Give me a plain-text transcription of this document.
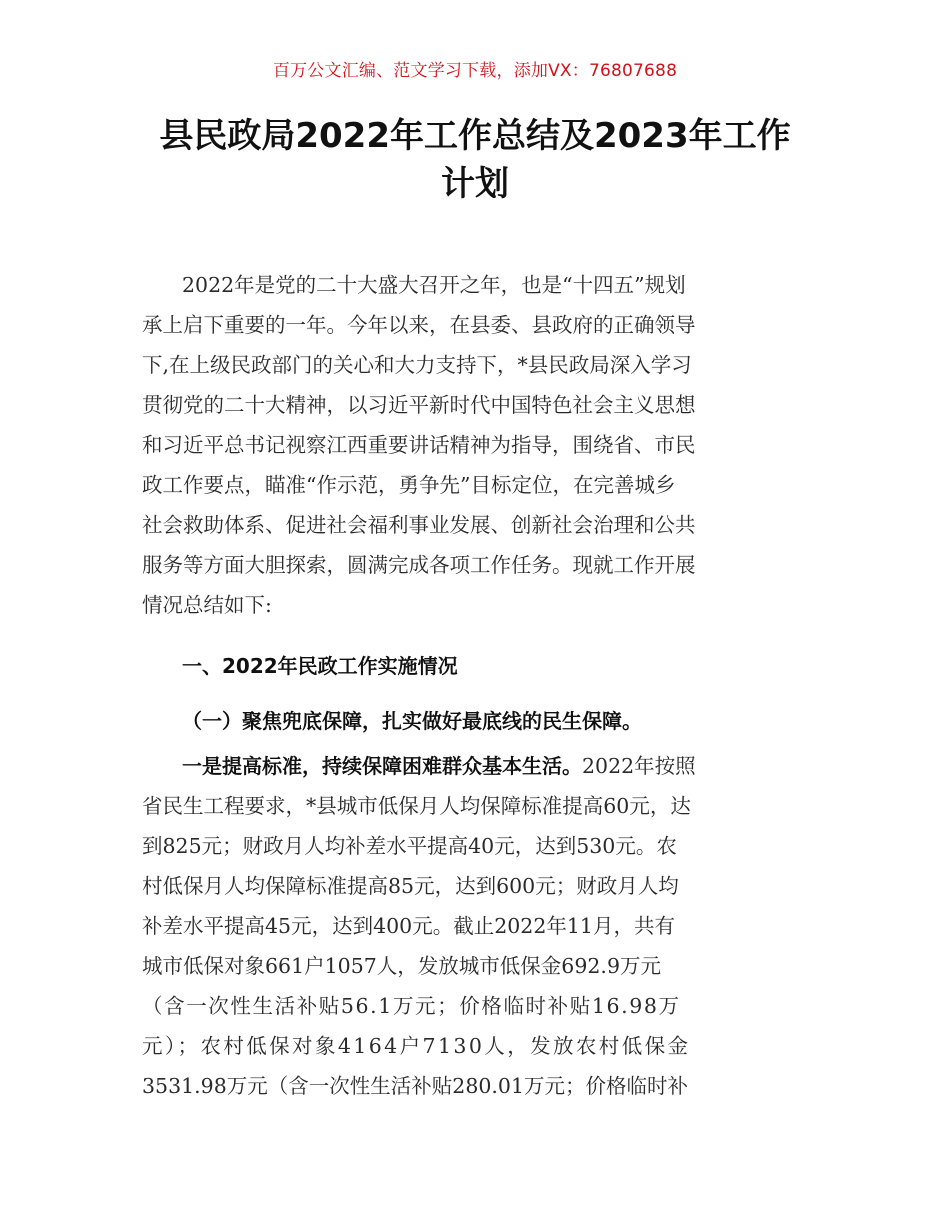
百万公文汇编、范文学习下载，添加VX：76807688
县民政局2022年工作总结及2023年工作
计划
2022年是党的二十大盛大召开之年，也是“十四五”规划
承上启下重要的一年。今年以来，在县委、县政府的正确领导
下,在上级民政部门的关心和大力支持下，*县民政局深入学习
贯彻党的二十大精神，以习近平新时代中国特色社会主义思想
和习近平总书记视察江西重要讲话精神为指导，围绕省、市民
政工作要点，瞄准“作示范，勇争先”目标定位，在完善城乡
社会救助体系、促进社会福利事业发展、创新社会治理和公共
服务等方面大胆探索，圆满完成各项工作任务。现就工作开展
情况总结如下:
一、2022年民政工作实施情况
（一）聚焦兜底保障，扎实做好最底线的民生保障。
一是提高标准，持续保障困难群众基本生活。2022年按照
省民生工程要求，*县城市低保月人均保障标准提高60元，达
到825元；财政月人均补差水平提高40元，达到530元。农
村低保月人均保障标准提高85元，达到600元；财政月人均
补差水平提高45元，达到400元。截止2022年11月，共有
城市低保对象661户1057人，发放城市低保金692.9万元
（含一次性生活补贴56.1万元；价格临时补贴16.98万
元）；农村低保对象4164户7130人，发放农村低保金
3531.98万元（含一次性生活补贴280.01万元；价格临时补
